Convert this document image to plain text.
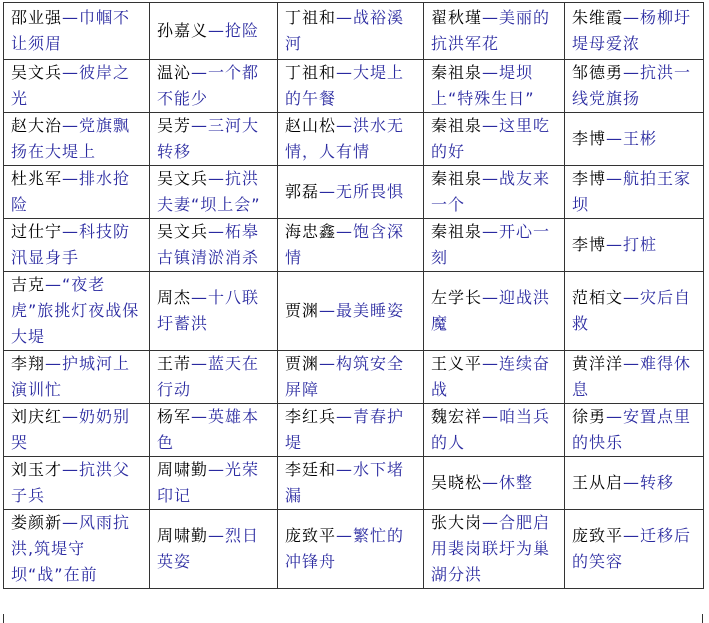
邵业强—巾帼不让须眉	孙嘉义—抢险	丁祖和—战裕溪河	翟秋瑾—美丽的抗洪军花	朱维霞—杨柳圩堤母爱浓
吴文兵—彼岸之光	温沁—一个都不能少	丁祖和—大堤上的午餐	秦祖泉—堤坝上“特殊生日”	邹德勇—抗洪一线党旗扬
赵大治—党旗飘扬在大堤上	吴芳—三河大转移	赵山松—洪水无情，人有情	秦祖泉—这里吃的好	李博—王彬
杜兆军—排水抢险	吴文兵—抗洪夫妻“坝上会”	郭磊—无所畏惧	秦祖泉—战友来一个	李博—航拍王家坝
过仕宁—科技防汛显身手	吴文兵—柘皋古镇清淤消杀	海忠鑫—饱含深情	秦祖泉—开心一刻	李博—打桩
吉克—“夜老虎”旅挑灯夜战保大堤	周杰—十八联圩蓄洪	贾渊—最美睡姿	左学长—迎战洪魔	范栢文—灾后自救
李翔—护城河上演训忙	王芾—蓝天在行动	贾渊—构筑安全屏障	王义平—连续奋战	黄洋洋—难得休息
刘庆红—奶奶别哭	杨军—英雄本色	李红兵—青春护堤	魏宏祥—咱当兵的人	徐勇—安置点里的快乐
刘玉才—抗洪父子兵	周啸勤—光荣印记	李廷和—水下堵漏	吴晓松—休整	王从启—转移
娄颜新—风雨抗洪,筑堤守坝“战”在前	周啸勤—烈日英姿	庞致平—繁忙的冲锋舟	张大岗—合肥启用裴岗联圩为巢湖分洪	庞致平—迁移后的笑容
